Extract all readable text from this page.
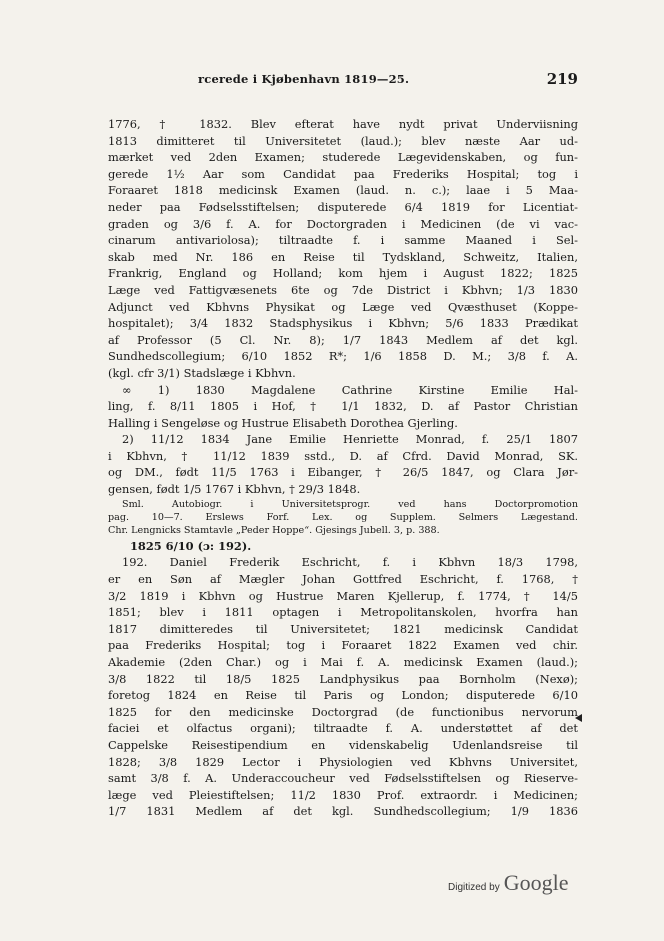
rcerede i Kjøbenhavn 1819—25.	219
1776, † 1832. Blev efterat have nydt privat Underviisning
1813 dimitteret til Universitetet (laud.); blev næste Aar ud-
mærket ved 2den Examen; studerede Lægevidenskaben, og fun-
gerede 1½ Aar som Candidat paa Frederiks Hospital; tog i
Foraaret 1818 medicinsk Examen (laud. n. c.); laae i 5 Maa-
neder paa Fødselsstiftelsen; disputerede 6/4 1819 for Licentiat-
graden og 3/6 f. A. for Doctorgraden i Medicinen (de vi vac-
cinarum antivariolosa); tiltraadte f. i samme Maaned i Sel-
skab med Nr. 186 en Reise til Tydskland, Schweitz, Italien,
Frankrig, England og Holland; kom hjem i August 1822; 1825
Læge ved Fattigvæsenets 6te og 7de District i Kbhvn; 1/3 1830
Adjunct ved Kbhvns Physikat og Læge ved Qvæsthuset (Koppe-
hospitalet); 3/4 1832 Stadsphysikus i Kbhvn; 5/6 1833 Prædikat
af Professor (5 Cl. Nr. 8); 1/7 1843 Medlem af det kgl.
Sundhedscollegium; 6/10 1852 R*; 1/6 1858 D. M.; 3/8 f. A.
(kgl. cfr 3/1) Stadslæge i Kbhvn.
∞ 1) 1830 Magdalene Cathrine Kirstine Emilie Hal-
ling, f. 8/11 1805 i Hof, † 1/1 1832, D. af Pastor Christian
Halling i Sengeløse og Hustrue Elisabeth Dorothea Gjerling.
2) 11/12 1834 Jane Emilie Henriette Monrad, f. 25/1 1807
i Kbhvn, † 11/12 1839 sstd., D. af Cfrd. David Monrad, SK.
og DM., født 11/5 1763 i Eibanger, † 26/5 1847, og Clara Jør-
gensen, født 1/5 1767 i Kbhvn, † 29/3 1848.
Sml. Autobiogr. i Universitetsprogr. ved hans Doctorpromotion
pag. 10—7. Erslews Forf. Lex. og Supplem. Selmers Lægestand.
Chr. Lengnicks Stamtavle „Peder Hoppe“. Gjesings Jubell. 3, p. 388.
1825 6/10 (ɔ: 192).
192. Daniel Frederik Eschricht, f. i Kbhvn 18/3 1798,
er en Søn af Mægler Johan Gottfred Eschricht, f. 1768, †
3/2 1819 i Kbhvn og Hustrue Maren Kjellerup, f. 1774, † 14/5
1851; blev i 1811 optagen i Metropolitanskolen, hvorfra han
1817 dimitteredes til Universitetet; 1821 medicinsk Candidat
paa Frederiks Hospital; tog i Foraaret 1822 Examen ved chir.
Akademie (2den Char.) og i Mai f. A. medicinsk Examen (laud.);
3/8 1822 til 18/5 1825 Landphysikus paa Bornholm (Nexø);
foretog 1824 en Reise til Paris og London; disputerede 6/10
1825 for den medicinske Doctorgrad (de functionibus nervorum
faciei et olfactus organi); tiltraadte f. A. understøttet af det
Cappelske Reisestipendium en videnskabelig Udenlandsreise til
1828; 3/8 1829 Lector i Physiologien ved Kbhvns Universitet,
samt 3/8 f. A. Underaccoucheur ved Fødselsstiftelsen og Rieserve-
læge ved Pleiestiftelsen; 11/2 1830 Prof. extraordr. i Medicinen;
1/7 1831 Medlem af det kgl. Sundhedscollegium; 1/9 1836
Digitized by Google
